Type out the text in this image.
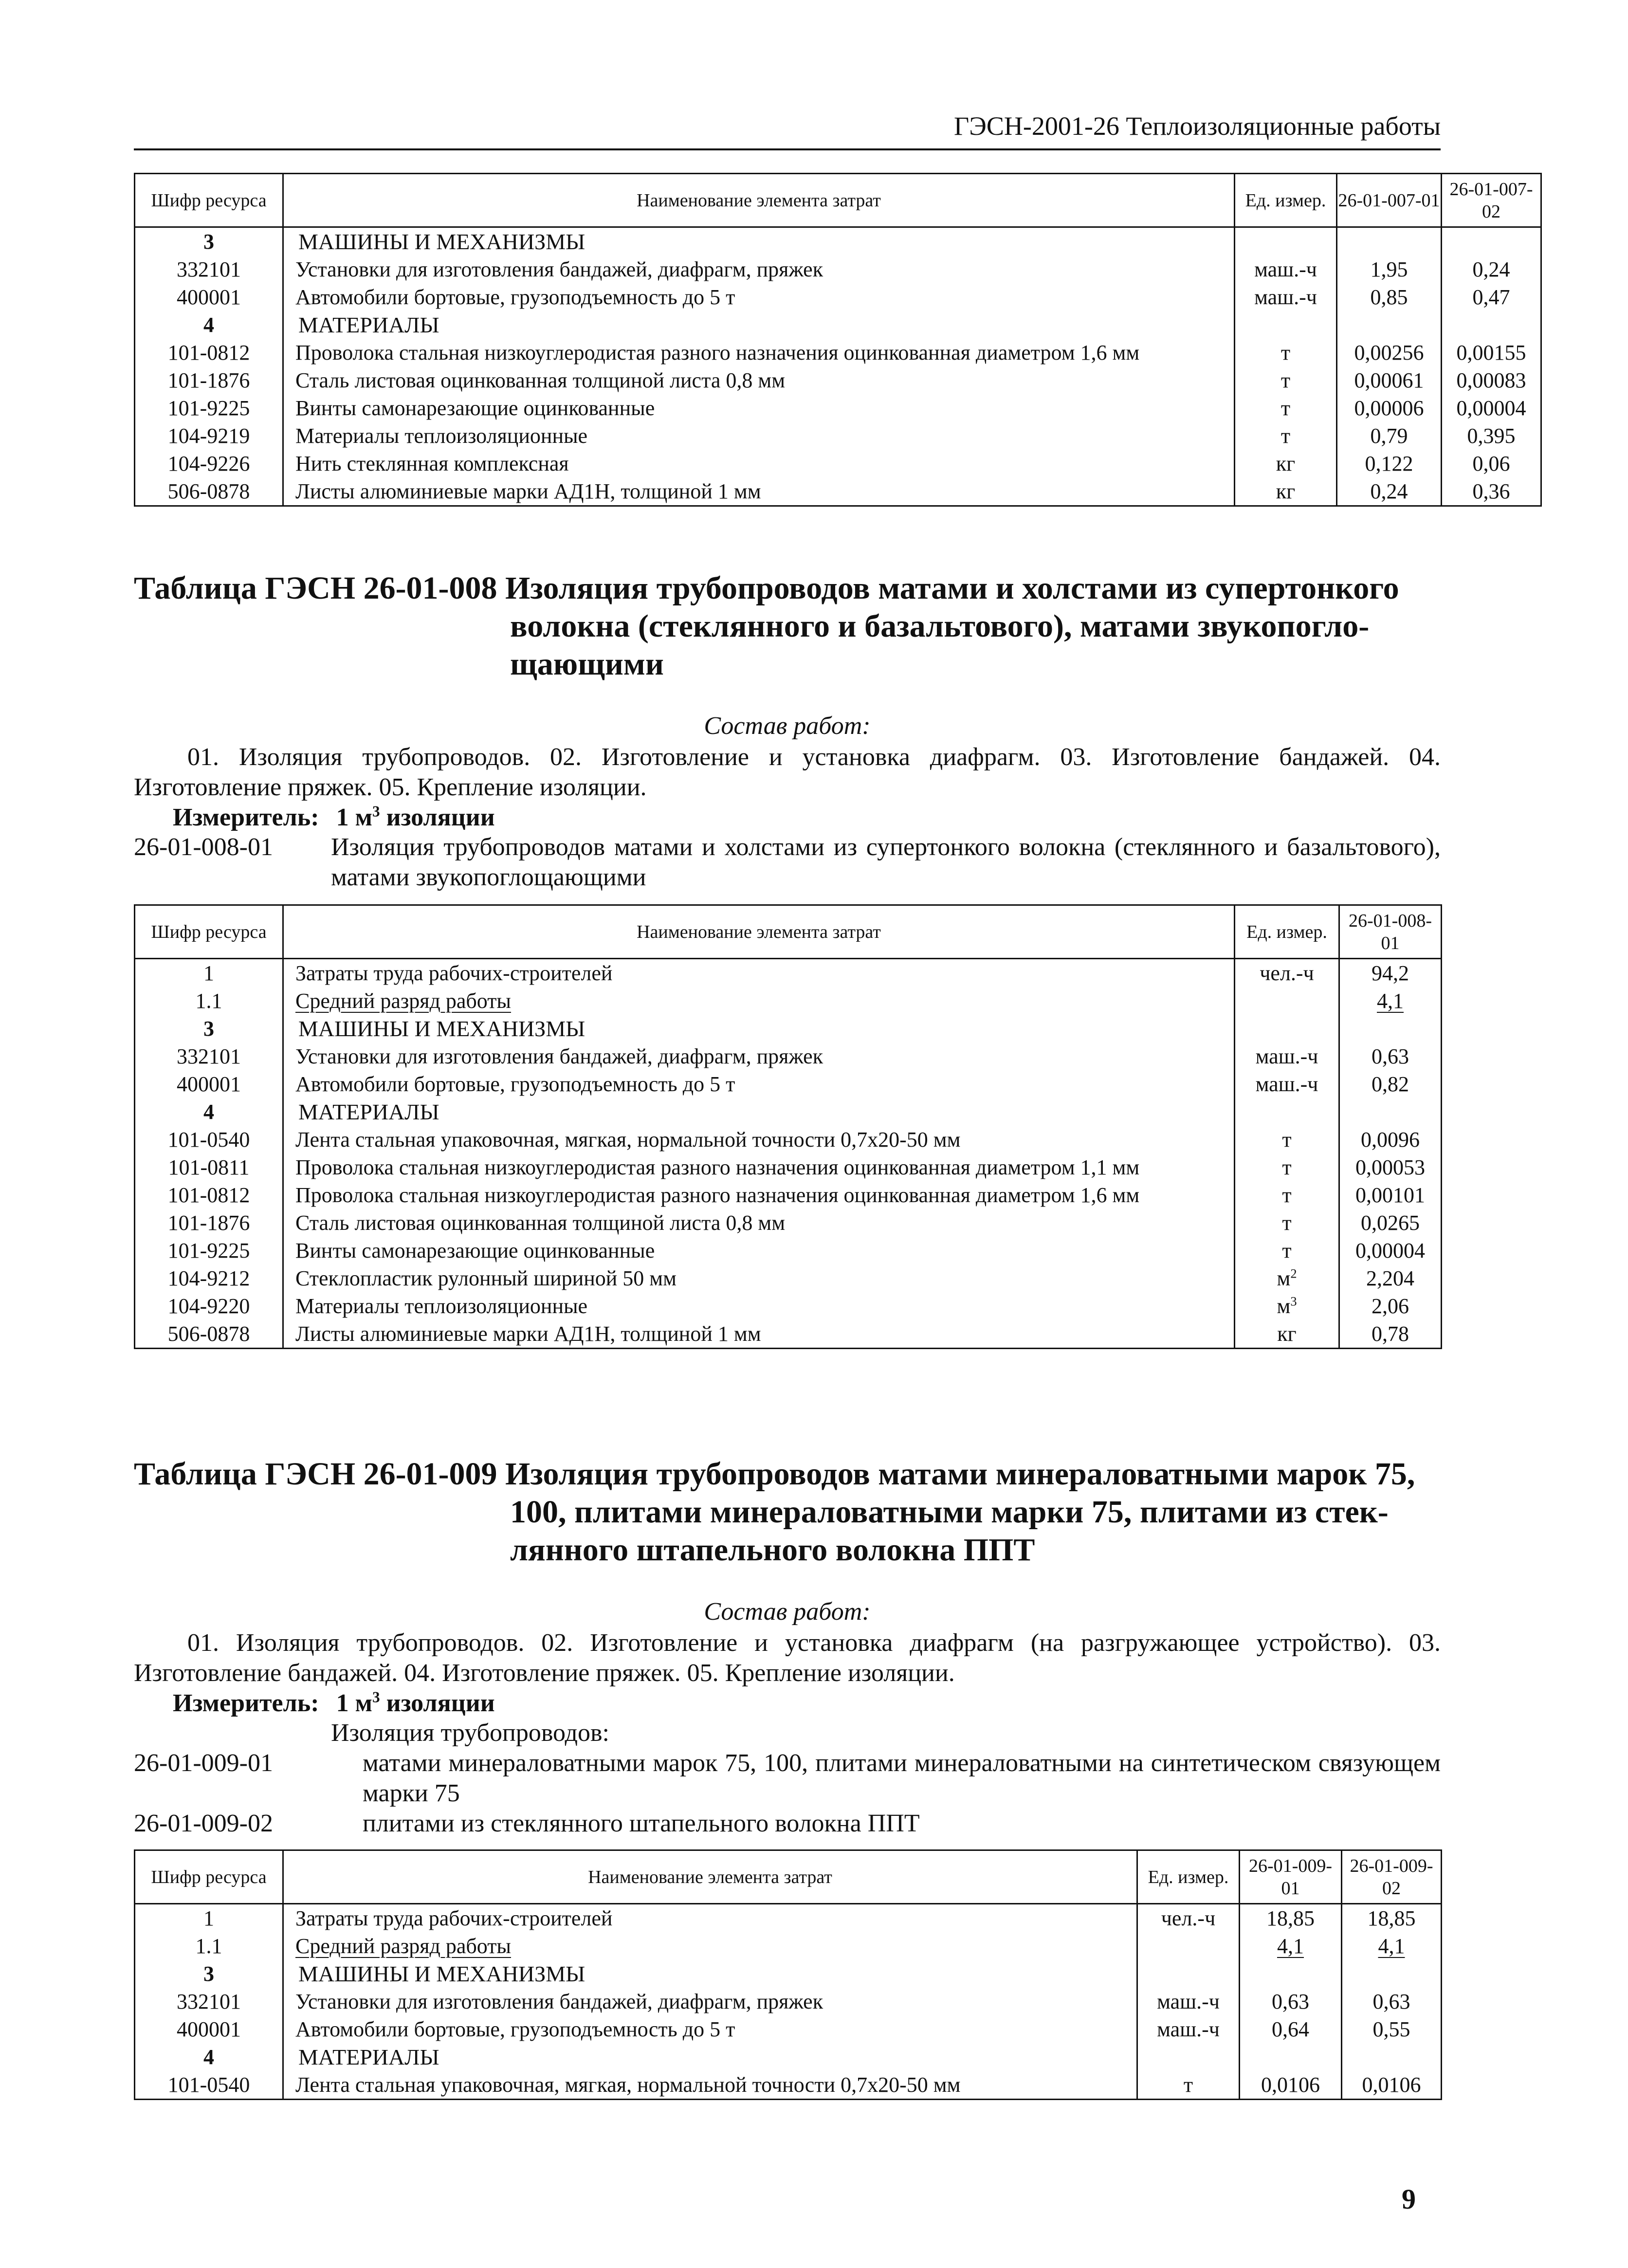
ГЭСН-2001-26 Теплоизоляционные работы
Шифр ресурса	Наименование элемента затрат	Ед. измер.	26-01-007-01	26-01-007-02
3	МАШИНЫ И МЕХАНИЗМЫ			
332101	Установки для изготовления бандажей, диафрагм, пряжек	маш.-ч	1,95	0,24
400001	Автомобили бортовые, грузоподъемность до 5 т	маш.-ч	0,85	0,47
4	МАТЕРИАЛЫ			
101-0812	Проволока стальная низкоуглеродистая разного назначения оцинкованная диаметром 1,6 мм	т	0,00256	0,00155
101-1876	Сталь листовая оцинкованная толщиной листа 0,8 мм	т	0,00061	0,00083
101-9225	Винты самонарезающие оцинкованные	т	0,00006	0,00004
104-9219	Материалы теплоизоляционные	т	0,79	0,395
104-9226	Нить стеклянная комплексная	кг	0,122	0,06
506-0878	Листы алюминиевые марки АД1Н, толщиной 1 мм	кг	0,24	0,36
Таблица ГЭСН 26-01-008 Изоляция трубопроводов матами и холстами из супертонкого
волокна (стеклянного и базальтового), матами звукопогло-
щающими
Состав работ:
01. Изоляция трубопроводов. 02. Изготовление и установка диафрагм. 03. Изготовление бандажей. 04. Изготовление пряжек. 05. Крепление изоляции.
Измеритель: 1 $м^3$ изоляции
26-01-008-01 Изоляция трубопроводов матами и холстами из супертонкого волокна (стеклянного и базальтового), матами звукопоглощающими
Шифр ресурса	Наименование элемента затрат	Ед. измер.	26-01-008-01
1	Затраты труда рабочих-строителей	чел.-ч	94,2
1.1	Средний разряд работы		4,1
3	МАШИНЫ И МЕХАНИЗМЫ		
332101	Установки для изготовления бандажей, диафрагм, пряжек	маш.-ч	0,63
400001	Автомобили бортовые, грузоподъемность до 5 т	маш.-ч	0,82
4	МАТЕРИАЛЫ		
101-0540	Лента стальная упаковочная, мягкая, нормальной точности 0,7x20-50 мм	т	0,0096
101-0811	Проволока стальная низкоуглеродистая разного назначения оцинкованная диаметром 1,1 мм	т	0,00053
101-0812	Проволока стальная низкоуглеродистая разного назначения оцинкованная диаметром 1,6 мм	т	0,00101
101-1876	Сталь листовая оцинкованная толщиной листа 0,8 мм	т	0,0265
101-9225	Винты самонарезающие оцинкованные	т	0,00004
104-9212	Стеклопластик рулонный шириной 50 мм	$м^2$	2,204
104-9220	Материалы теплоизоляционные	$м^3$	2,06
506-0878	Листы алюминиевые марки АД1Н, толщиной 1 мм	кг	0,78
Таблица ГЭСН 26-01-009 Изоляция трубопроводов матами минераловатными марок 75,
100, плитами минераловатными марки 75, плитами из стек-
лянного штапельного волокна ППТ
Состав работ:
01. Изоляция трубопроводов. 02. Изготовление и установка диафрагм (на разгружающее устройство). 03. Изготовление бандажей. 04. Изготовление пряжек. 05. Крепление изоляции.
Измеритель: 1 $м^3$ изоляции
Изоляция трубопроводов:
26-01-009-01	матами минераловатными марок 75, 100, плитами минераловатными на синтетическом связующем марки 75
26-01-009-02	плитами из стеклянного штапельного волокна ППТ
Шифр ресурса	Наименование элемента затрат	Ед. измер.	26-01-009-01	26-01-009-02
1	Затраты труда рабочих-строителей	чел.-ч	18,85	18,85
1.1	Средний разряд работы		4,1	4,1
3	МАШИНЫ И МЕХАНИЗМЫ			
332101	Установки для изготовления бандажей, диафрагм, пряжек	маш.-ч	0,63	0,63
400001	Автомобили бортовые, грузоподъемность до 5 т	маш.-ч	0,64	0,55
4	МАТЕРИАЛЫ			
101-0540	Лента стальная упаковочная, мягкая, нормальной точности 0,7x20-50 мм	т	0,0106	0,0106
9
